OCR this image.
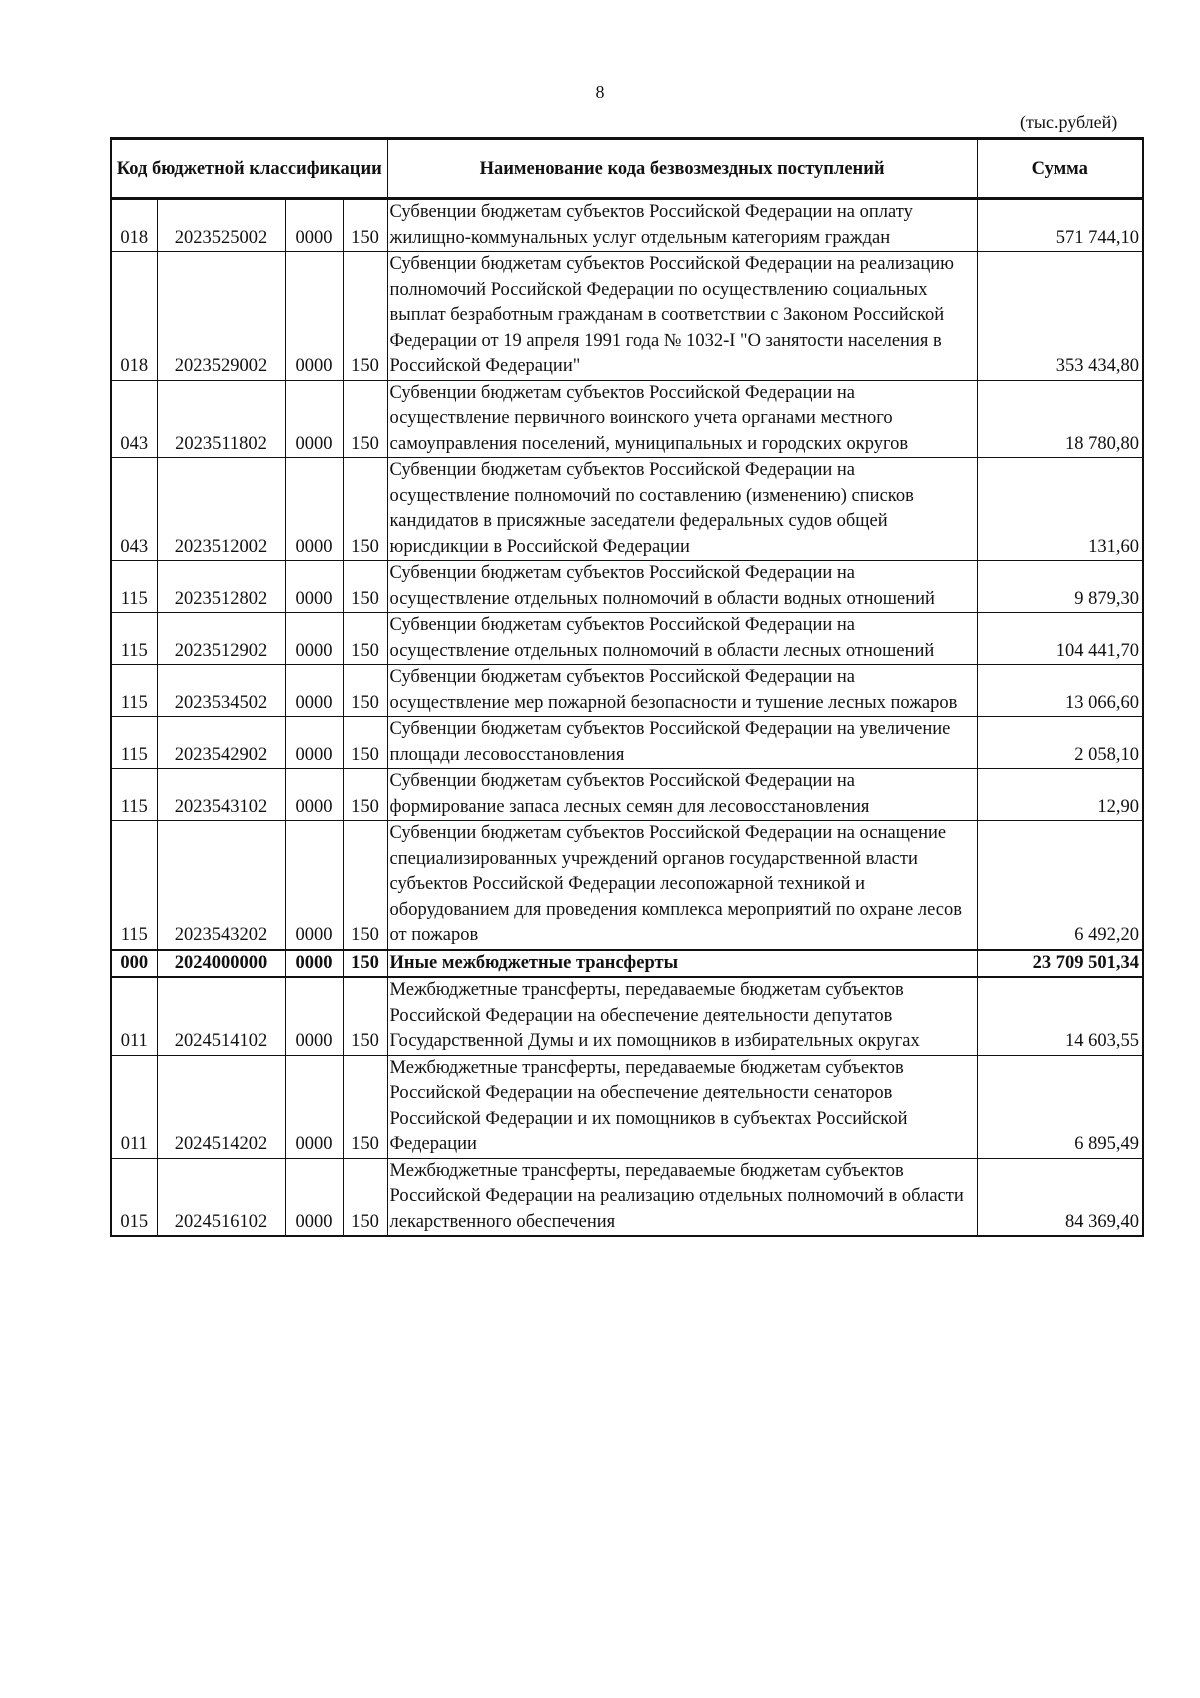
8
(тыс.рублей)
Код бюджетной классификации				Наименование кода безвозмездных поступлений	Сумма
018	2023525002	0000	150	Субвенции бюджетам субъектов Российской Федерации на оплату жилищно-коммунальных услуг отдельным категориям граждан	571 744,10
018	2023529002	0000	150	Субвенции бюджетам субъектов Российской Федерации на реализацию полномочий Российской Федерации по осуществлению социальных выплат безработным гражданам в соответствии с Законом Российской Федерации от 19 апреля 1991 года № 1032-I "О занятости населения в Российской Федерации"	353 434,80
043	2023511802	0000	150	Субвенции бюджетам субъектов Российской Федерации на осуществление первичного воинского учета органами местного самоуправления поселений, муниципальных и городских округов	18 780,80
043	2023512002	0000	150	Субвенции бюджетам субъектов Российской Федерации на осуществление полномочий по составлению (изменению) списков кандидатов в присяжные заседатели федеральных судов общей юрисдикции в Российской Федерации	131,60
115	2023512802	0000	150	Субвенции бюджетам субъектов Российской Федерации на осуществление отдельных полномочий в области водных отношений	9 879,30
115	2023512902	0000	150	Субвенции бюджетам субъектов Российской Федерации на осуществление отдельных полномочий в области лесных отношений	104 441,70
115	2023534502	0000	150	Субвенции бюджетам субъектов Российской Федерации на осуществление мер пожарной безопасности и тушение лесных пожаров	13 066,60
115	2023542902	0000	150	Субвенции бюджетам субъектов Российской Федерации на увеличение площади лесовосстановления	2 058,10
115	2023543102	0000	150	Субвенции бюджетам субъектов Российской Федерации на формирование запаса лесных семян для лесовосстановления	12,90
115	2023543202	0000	150	Субвенции бюджетам субъектов Российской Федерации на оснащение специализированных учреждений органов государственной власти субъектов Российской Федерации лесопожарной техникой и оборудованием для проведения комплекса мероприятий по охране лесов от пожаров	6 492,20
000	2024000000	0000	150	Иные межбюджетные трансферты	23 709 501,34
011	2024514102	0000	150	Межбюджетные трансферты, передаваемые бюджетам субъектов Российской Федерации на обеспечение деятельности депутатов Государственной Думы и их помощников в избирательных округах	14 603,55
011	2024514202	0000	150	Межбюджетные трансферты, передаваемые бюджетам субъектов Российской Федерации на обеспечение деятельности сенаторов Российской Федерации и их помощников в субъектах Российской Федерации	6 895,49
015	2024516102	0000	150	Межбюджетные трансферты, передаваемые бюджетам субъектов Российской Федерации на реализацию отдельных полномочий в области лекарственного обеспечения	84 369,40
